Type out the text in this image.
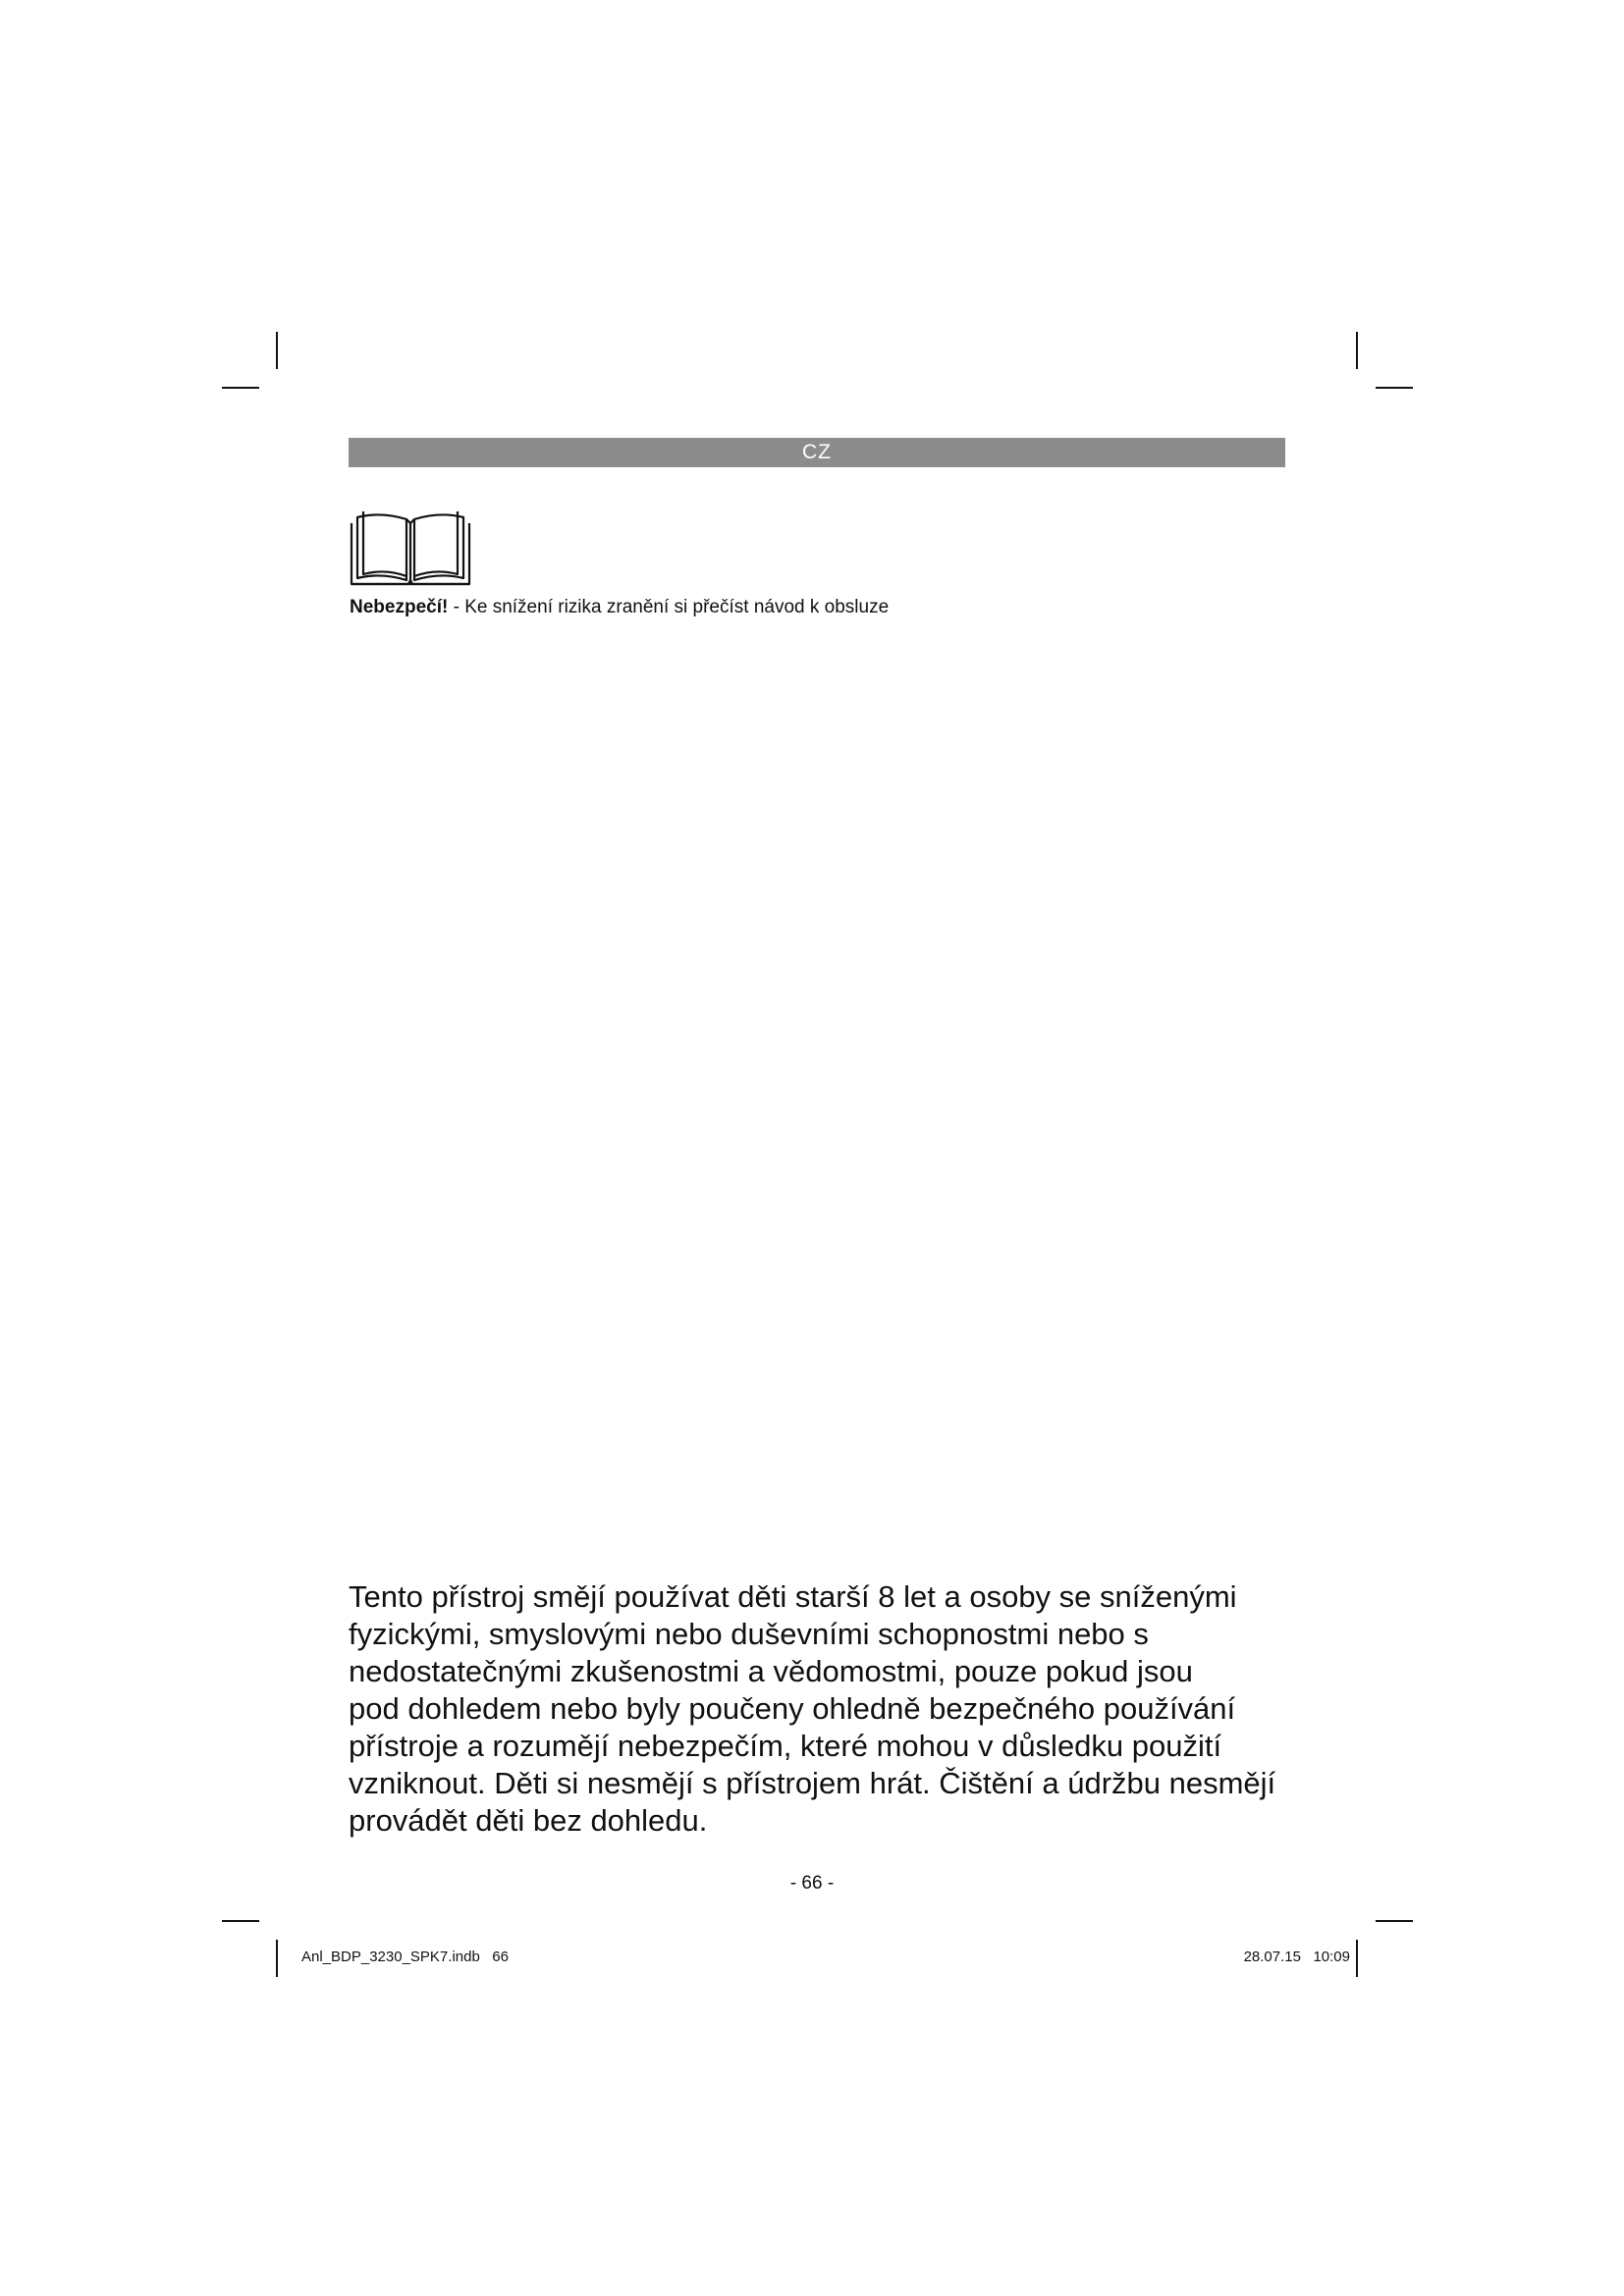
CZ
Nebezpečí! - Ke snížení rizika zranění si přečíst návod k obsluze

Tento přístroj smějí používat děti starší 8 let a osoby se sníženými

fyzickými, smyslovými nebo duševními schopnostmi nebo s

nedostatečnými zkušenostmi a vědomostmi, pouze pokud jsou

pod dohledem nebo byly poučeny ohledně bezpečného používání

přístroje a rozumějí nebezpečím, které mohou v důsledku použití

vzniknout. Děti si nesmějí s přístrojem hrát. Čištění a údržbu nesmějí

provádět děti bez dohledu.

- 66 -
Anl_BDP_3230_SPK7.indb   66	28.07.15   10:09
